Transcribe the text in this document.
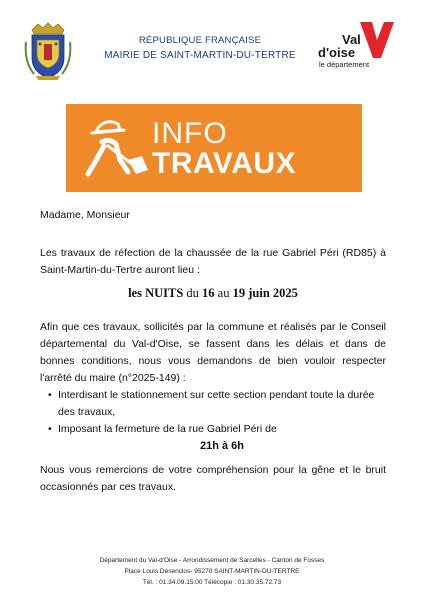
RÉPUBLIQUE FRANÇAISE
MAIRIE DE SAINT-MARTIN-DU-TERTRE
Val
d'oise
le département
INFO
TRAVAUX
Madame, Monsieur
Les travaux de réfection de la chaussée de la rue Gabriel Péri (RD85) à Saint-Martin-du-Tertre auront lieu :
les NUITS du 16 au 19 juin 2025
Afin que ces travaux, sollicités par la commune et réalisés par le Conseil départemental du Val-d'Oise, se fassent dans les délais et dans de bonnes conditions, nous vous demandons de bien vouloir respecter l'arrêté du maire (n°2025-149) :
• Interdisant le stationnement sur cette section pendant toute la durée des travaux,
• Imposant la fermeture de la rue Gabriel Péri de
21h à 6h
Nous vous remercions de votre compréhension pour la gêne et le bruit occasionnés par ces travaux.
Département du Val-d'Oise - Arrondissement de Sarcelles - Canton de Fosses
Place Louis Désenclos- 95270 SAINT-MARTIN-DU-TERTRE
Tél. : 01.34.09.15.00 Télécopie : 01.30.35.72.73
